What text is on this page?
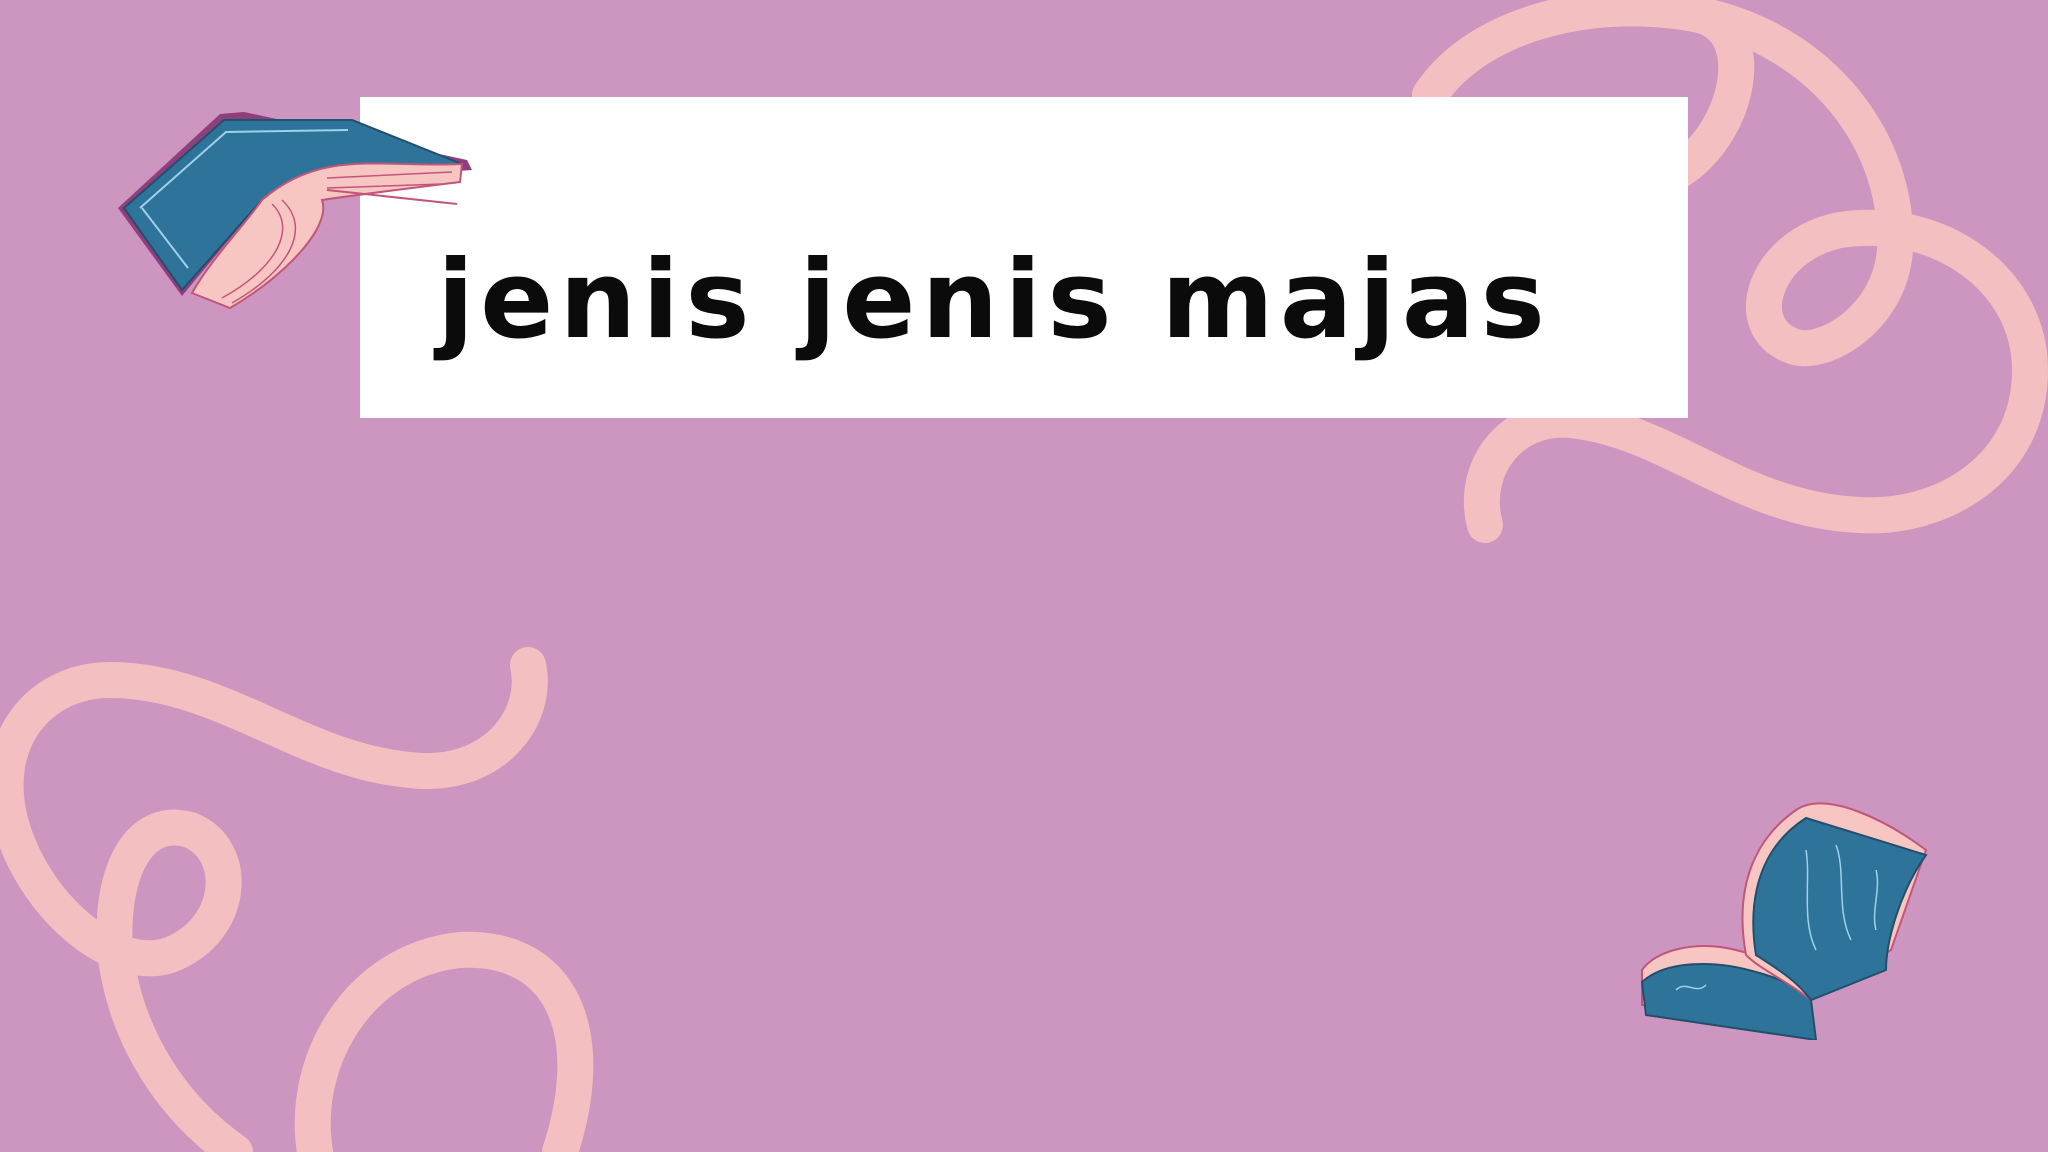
jenis jenis majas
